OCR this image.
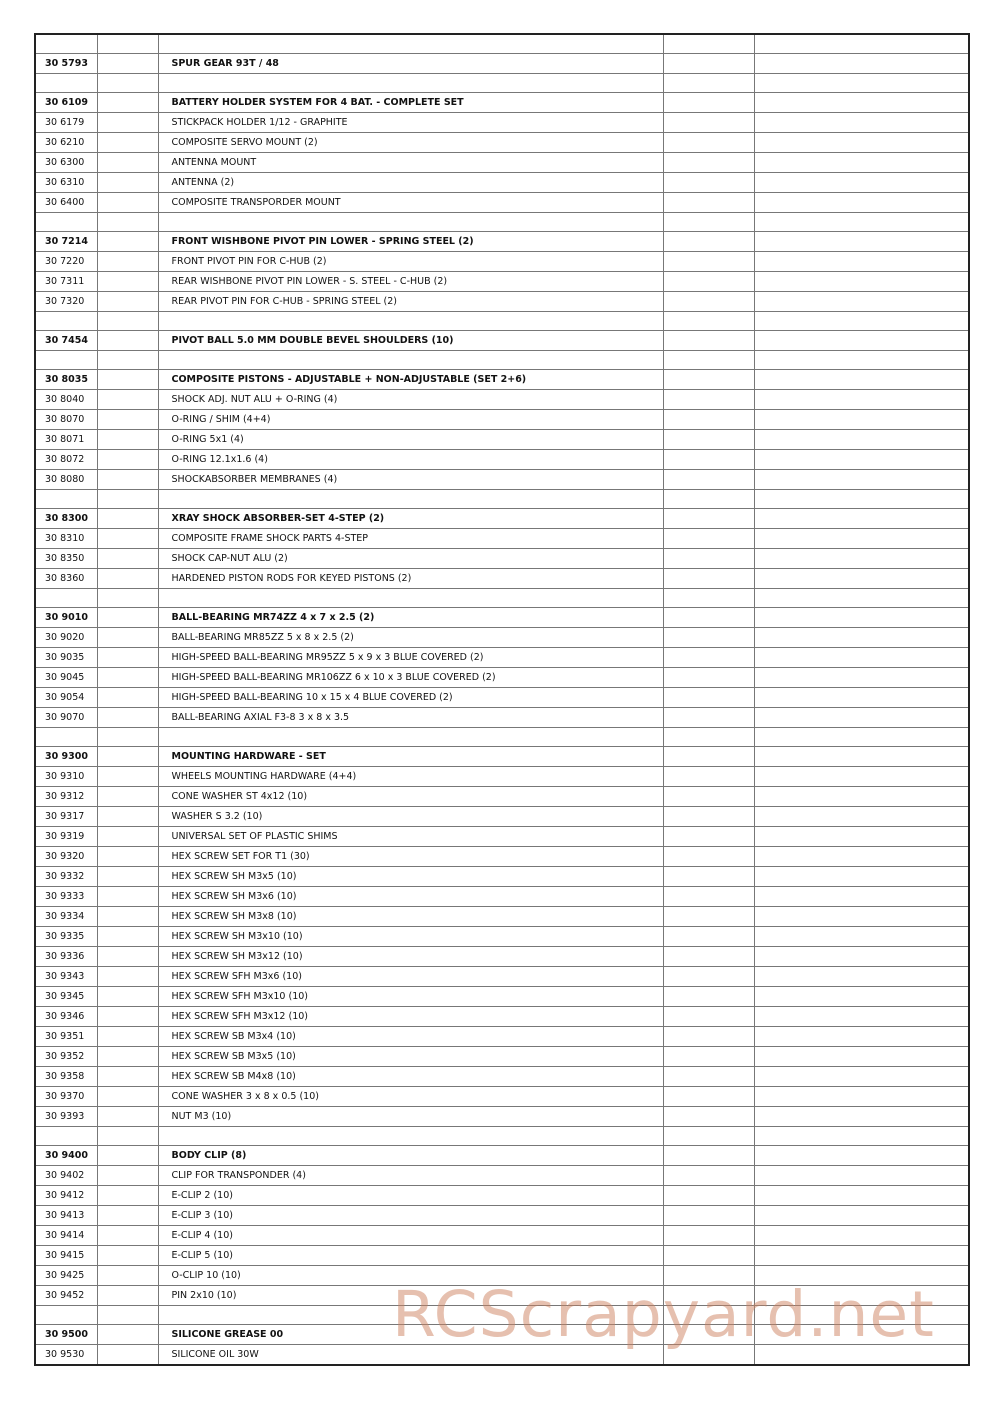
30 5793		SPUR GEAR 93T / 48		

30 6109		BATTERY HOLDER SYSTEM FOR 4 BAT. - COMPLETE SET		
30 6179		STICKPACK HOLDER 1/12 - GRAPHITE		
30 6210		COMPOSITE SERVO MOUNT (2)		
30 6300		ANTENNA MOUNT		
30 6310		ANTENNA (2)		
30 6400		COMPOSITE TRANSPORDER MOUNT		

30 7214		FRONT WISHBONE PIVOT PIN LOWER - SPRING STEEL (2)		
30 7220		FRONT PIVOT PIN FOR C-HUB (2)		
30 7311		REAR WISHBONE PIVOT PIN LOWER - S. STEEL - C-HUB (2)		
30 7320		REAR PIVOT PIN FOR C-HUB - SPRING STEEL (2)		

30 7454		PIVOT BALL 5.0 MM DOUBLE BEVEL SHOULDERS (10)		

30 8035		COMPOSITE PISTONS - ADJUSTABLE + NON-ADJUSTABLE (SET 2+6)		
30 8040		SHOCK ADJ. NUT ALU + O-RING (4)		
30 8070		O-RING / SHIM (4+4)		
30 8071		O-RING 5x1 (4)		
30 8072		O-RING 12.1x1.6 (4)		
30 8080		SHOCKABSORBER MEMBRANES (4)		

30 8300		XRAY SHOCK ABSORBER-SET 4-STEP (2)		
30 8310		COMPOSITE FRAME SHOCK PARTS 4-STEP		
30 8350		SHOCK CAP-NUT ALU (2)		
30 8360		HARDENED PISTON RODS FOR KEYED PISTONS (2)		

30 9010		BALL-BEARING MR74ZZ 4 x 7 x 2.5 (2)		
30 9020		BALL-BEARING MR85ZZ 5 x 8 x 2.5 (2)		
30 9035		HIGH-SPEED BALL-BEARING MR95ZZ 5 x 9 x 3 BLUE COVERED (2)		
30 9045		HIGH-SPEED BALL-BEARING MR106ZZ 6 x 10 x 3 BLUE COVERED (2)		
30 9054		HIGH-SPEED BALL-BEARING 10 x 15 x 4 BLUE COVERED (2)		
30 9070		BALL-BEARING AXIAL F3-8 3 x 8 x 3.5		

30 9300		MOUNTING HARDWARE - SET		
30 9310		WHEELS MOUNTING HARDWARE (4+4)		
30 9312		CONE WASHER ST 4x12 (10)		
30 9317		WASHER S 3.2 (10)		
30 9319		UNIVERSAL SET OF PLASTIC SHIMS		
30 9320		HEX SCREW SET FOR T1 (30)		
30 9332		HEX SCREW SH M3x5 (10)		
30 9333		HEX SCREW SH M3x6 (10)		
30 9334		HEX SCREW SH M3x8 (10)		
30 9335		HEX SCREW SH M3x10 (10)		
30 9336		HEX SCREW SH M3x12 (10)		
30 9343		HEX SCREW SFH M3x6 (10)		
30 9345		HEX SCREW SFH M3x10 (10)		
30 9346		HEX SCREW SFH M3x12 (10)		
30 9351		HEX SCREW SB M3x4 (10)		
30 9352		HEX SCREW SB M3x5 (10)		
30 9358		HEX SCREW SB M4x8 (10)		
30 9370		CONE WASHER 3 x 8 x 0.5 (10)		
30 9393		NUT M3 (10)		

30 9400		BODY CLIP (8)		
30 9402		CLIP FOR TRANSPONDER (4)		
30 9412		E-CLIP 2 (10)		
30 9413		E-CLIP 3 (10)		
30 9414		E-CLIP 4 (10)		
30 9415		E-CLIP 5 (10)		
30 9425		O-CLIP 10 (10)		
30 9452		PIN 2x10 (10)		

30 9500		SILICONE GREASE 00		
30 9530		SILICONE OIL 30W		
RCScrapyard.net
